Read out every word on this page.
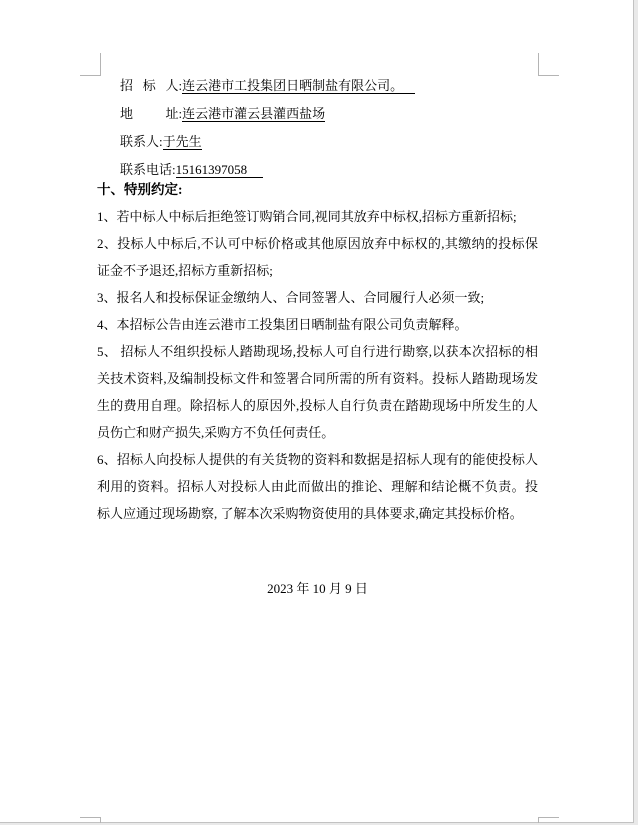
招   标   人:连云港市工投集团日晒制盐有限公司。

地          址:连云港市灌云县灌西盐场

联系人:于先生

联系电话:15161397058

十、特别约定:

1、若中标人中标后拒绝签订购销合同,视同其放弃中标权,招标方重新招标;

2、投标人中标后,不认可中标价格或其他原因放弃中标权的,其缴纳的投标保证金不予退还,招标方重新招标;

3、报名人和投标保证金缴纳人、合同签署人、合同履行人必须一致;

4、本招标公告由连云港市工投集团日晒制盐有限公司负责解释。

5、 招标人不组织投标人踏勘现场,投标人可自行进行勘察,以获本次招标的相关技术资料,及编制投标文件和签署合同所需的所有资料。投标人踏勘现场发生的费用自理。除招标人的原因外,投标人自行负责在踏勘现场中所发生的人员伤亡和财产损失,采购方不负任何责任。

6、招标人向投标人提供的有关货物的资料和数据是招标人现有的能使投标人利用的资料。招标人对投标人由此而做出的推论、理解和结论概不负责。投标人应通过现场勘察, 了解本次采购物资使用的具体要求,确定其投标价格。

2023 年 10 月 9 日
